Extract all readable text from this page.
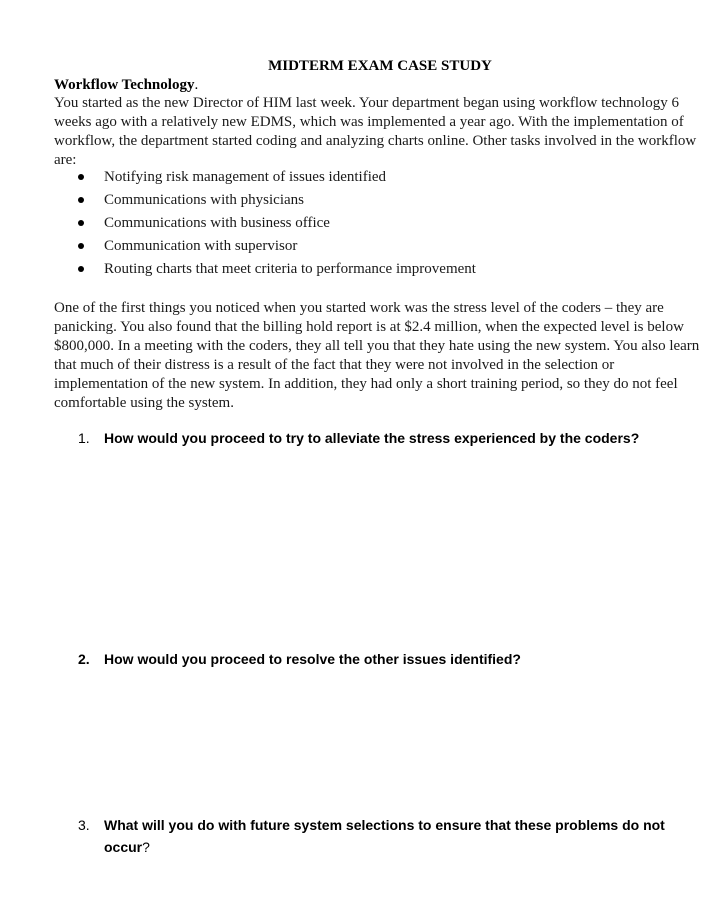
MIDTERM EXAM CASE STUDY
Workflow Technology.

You started as the new Director of HIM last week. Your department began using workflow technology 6 weeks ago with a relatively new EDMS, which was implemented a year ago. With the implementation of workflow, the department started coding and analyzing charts online. Other tasks involved in the workflow are:

Notifying risk management of issues identified
Communications with physicians
Communications with business office
Communication with supervisor
Routing charts that meet criteria to performance improvement

One of the first things you noticed when you started work was the stress level of the coders – they are panicking. You also found that the billing hold report is at $2.4 million, when the expected level is below $800,000. In a meeting with the coders, they all tell you that they hate using the new system. You also learn that much of their distress is a result of the fact that they were not involved in the selection or implementation of the new system. In addition, they had only a short training period, so they do not feel comfortable using the system.

1.	How would you proceed to try to alleviate the stress experienced by the coders?
2.	How would you proceed to resolve the other issues identified?
3.	What will you do with future system selections to ensure that these problems do not occur?
